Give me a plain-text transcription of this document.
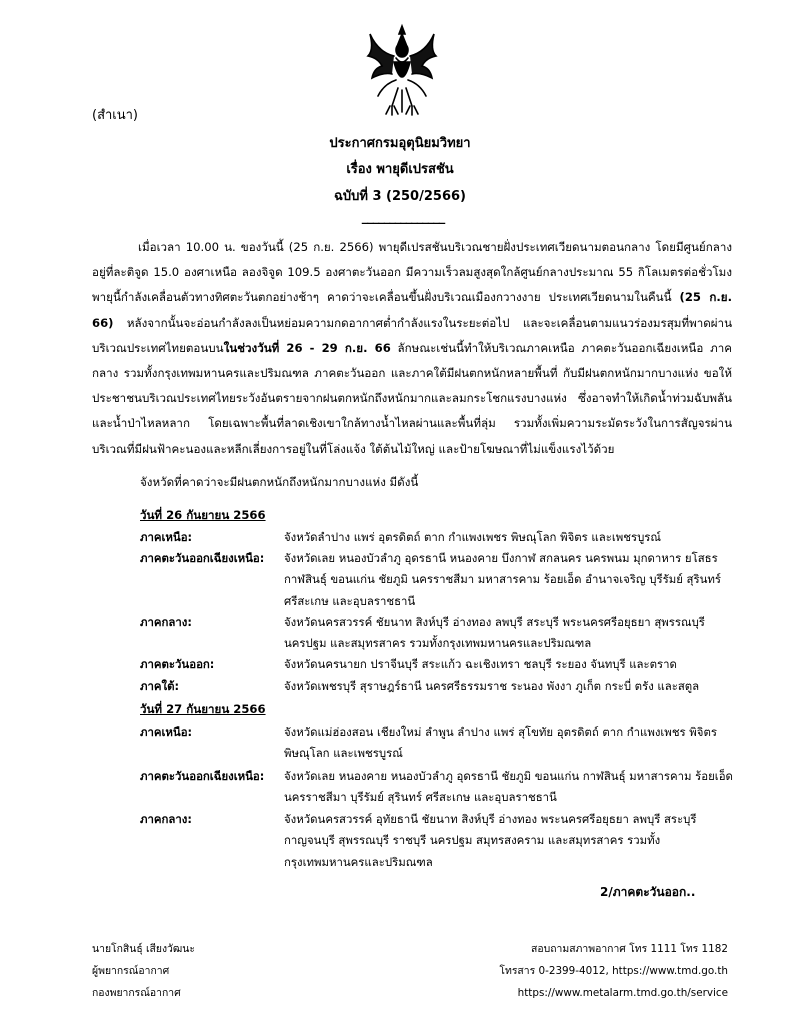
(สำเนา)
ประกาศกรมอุตุนิยมวิทยา
เรื่อง พายุดีเปรสชัน
ฉบับที่ 3 (250/2566)
_______________
เมื่อเวลา 10.00 น. ของวันนี้ (25 ก.ย. 2566) พายุดีเปรสชันบริเวณชายฝั่งประเทศเวียดนามตอนกลาง โดยมีศูนย์กลางอยู่ที่ละติจูด 15.0 องศาเหนือ ลองจิจูด 109.5 องศาตะวันออก มีความเร็วลมสูงสุดใกล้ศูนย์กลางประมาณ 55 กิโลเมตรต่อชั่วโมง พายุนี้กำลังเคลื่อนตัวทางทิศตะวันตกอย่างช้าๆ คาดว่าจะเคลื่อนขึ้นฝั่งบริเวณเมืองกวางงาย ประเทศเวียดนามในคืนนี้ (25 ก.ย. 66) หลังจากนั้นจะอ่อนกำลังลงเป็นหย่อมความกดอากาศต่ำกำลังแรงในระยะต่อไป และจะเคลื่อนตามแนวร่องมรสุมที่พาดผ่านบริเวณประเทศไทยตอนบนในช่วงวันที่ 26 - 29 ก.ย. 66 ลักษณะเช่นนี้ทำให้บริเวณภาคเหนือ ภาคตะวันออกเฉียงเหนือ ภาคกลาง รวมทั้งกรุงเทพมหานครและปริมณฑล ภาคตะวันออก และภาคใต้มีฝนตกหนักหลายพื้นที่ กับมีฝนตกหนักมากบางแห่ง ขอให้ประชาชนบริเวณประเทศไทยระวังอันตรายจากฝนตกหนักถึงหนักมากและลมกระโชกแรงบางแห่ง ซึ่งอาจทำให้เกิดน้ำท่วมฉับพลันและน้ำป่าไหลหลาก โดยเฉพาะพื้นที่ลาดเชิงเขาใกล้ทางน้ำไหลผ่านและพื้นที่ลุ่ม รวมทั้งเพิ่มความระมัดระวังในการสัญจรผ่านบริเวณที่มีฝนฟ้าคะนองและหลีกเลี่ยงการอยู่ในที่โล่งแจ้ง ใต้ต้นไม้ใหญ่ และป้ายโฆษณาที่ไม่แข็งแรงไว้ด้วย
จังหวัดที่คาดว่าจะมีฝนตกหนักถึงหนักมากบางแห่ง มีดังนี้
วันที่ 26 กันยายน 2566
ภาคเหนือ:	จังหวัดลำปาง แพร่ อุตรดิตถ์ ตาก กำแพงเพชร พิษณุโลก พิจิตร และเพชรบูรณ์
ภาคตะวันออกเฉียงเหนือ:	จังหวัดเลย หนองบัวลำภู อุดรธานี หนองคาย บึงกาฬ สกลนคร นครพนม มุกดาหาร ยโสธร กาฬสินธุ์ ขอนแก่น ชัยภูมิ นครราชสีมา มหาสารคาม ร้อยเอ็ด อำนาจเจริญ บุรีรัมย์ สุรินทร์ ศรีสะเกษ และอุบลราชธานี
ภาคกลาง:	จังหวัดนครสวรรค์ ชัยนาท สิงห์บุรี อ่างทอง ลพบุรี สระบุรี พระนครศรีอยุธยา สุพรรณบุรี นครปฐม และสมุทรสาคร รวมทั้งกรุงเทพมหานครและปริมณฑล
ภาคตะวันออก:	จังหวัดนครนายก ปราจีนบุรี สระแก้ว ฉะเชิงเทรา ชลบุรี ระยอง จันทบุรี และตราด
ภาคใต้:	จังหวัดเพชรบุรี สุราษฎร์ธานี นครศรีธรรมราช ระนอง พังงา ภูเก็ต กระบี่ ตรัง และสตูล
วันที่ 27 กันยายน 2566
ภาคเหนือ:	จังหวัดแม่ฮ่องสอน เชียงใหม่ ลำพูน ลำปาง แพร่ สุโขทัย อุตรดิตถ์ ตาก กำแพงเพชร พิจิตร พิษณุโลก และเพชรบูรณ์
ภาคตะวันออกเฉียงเหนือ:	จังหวัดเลย หนองคาย หนองบัวลำภู อุดรธานี ชัยภูมิ ขอนแก่น กาฬสินธุ์ มหาสารคาม ร้อยเอ็ด นครราชสีมา บุรีรัมย์ สุรินทร์ ศรีสะเกษ และอุบลราชธานี
ภาคกลาง:	จังหวัดนครสวรรค์ อุทัยธานี ชัยนาท สิงห์บุรี อ่างทอง พระนครศรีอยุธยา ลพบุรี สระบุรี กาญจนบุรี สุพรรณบุรี ราชบุรี นครปฐม สมุทรสงคราม และสมุทรสาคร รวมทั้งกรุงเทพมหานครและปริมณฑล
2/ภาคตะวันออก..
นายโกสินธุ์ เสียงวัฒนะ
ผู้พยากรณ์อากาศ
กองพยากรณ์อากาศ
สอบถามสภาพอากาศ โทร 1111 โทร 1182
โทรสาร 0-2399-4012, https://www.tmd.go.th
https://www.metalarm.tmd.go.th/service
